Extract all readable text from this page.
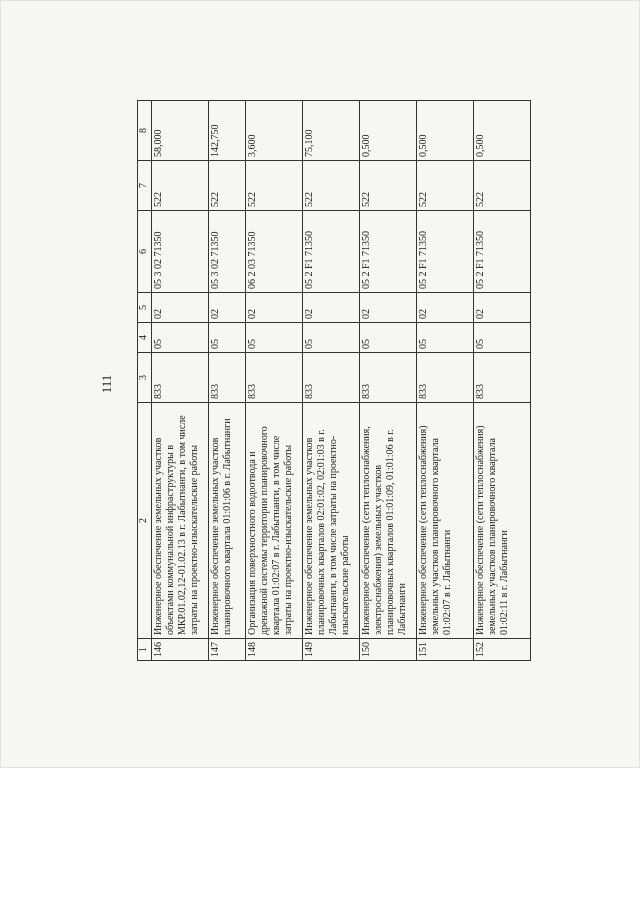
111
1	2	3	4	5	6	7	8
146	Инженерное обеспечение земельных участков объектами коммунальной инфраструктуры в МКР.01.02,12-01.02.13 в г. Лабытнанги, в том числе затраты на проектно-изыскательские работы	833	05	02	05 3 02 71350	522	58,000
147	Инженерное обеспечение земельных участков планировочного квартала 01:01:06 в г. Лабытнанги	833	05	02	05 3 02 71350	522	142,750
148	Организация поверхностного водоотвода и дренажной системы территории планировочного квартала 01:02:07 в г. Лабытнанги, в том числе затраты на проектно-изыскательские работы	833	05	02	06 2 03 71350	522	3,600
149	Инженерное обеспечение земельных участков планировочных кварталов 02:01:02, 02:01:03 в г. Лабытнанги, в том числе затраты на проектно-изыскательские работы	833	05	02	05 2 F1 71350	522	75,100
150	Инженерное обеспечение (сети теплоснабжения, электроснабжения) земельных участков планировочных кварталов 01:01:09, 01:01:06 в г. Лабытнанги	833	05	02	05 2 F1 71350	522	0,500
151	Инженерное обеспечение (сети теплоснабжения) земельных участков планировочного квартала 01:02:07 в г. Лабытнанги	833	05	02	05 2 F1 71350	522	0,500
152	Инженерное обеспечение (сети теплоснабжения) земельных участков планировочного квартала 01:02:11 в г. Лабытнанги	833	05	02	05 2 F1 71350	522	0,500
